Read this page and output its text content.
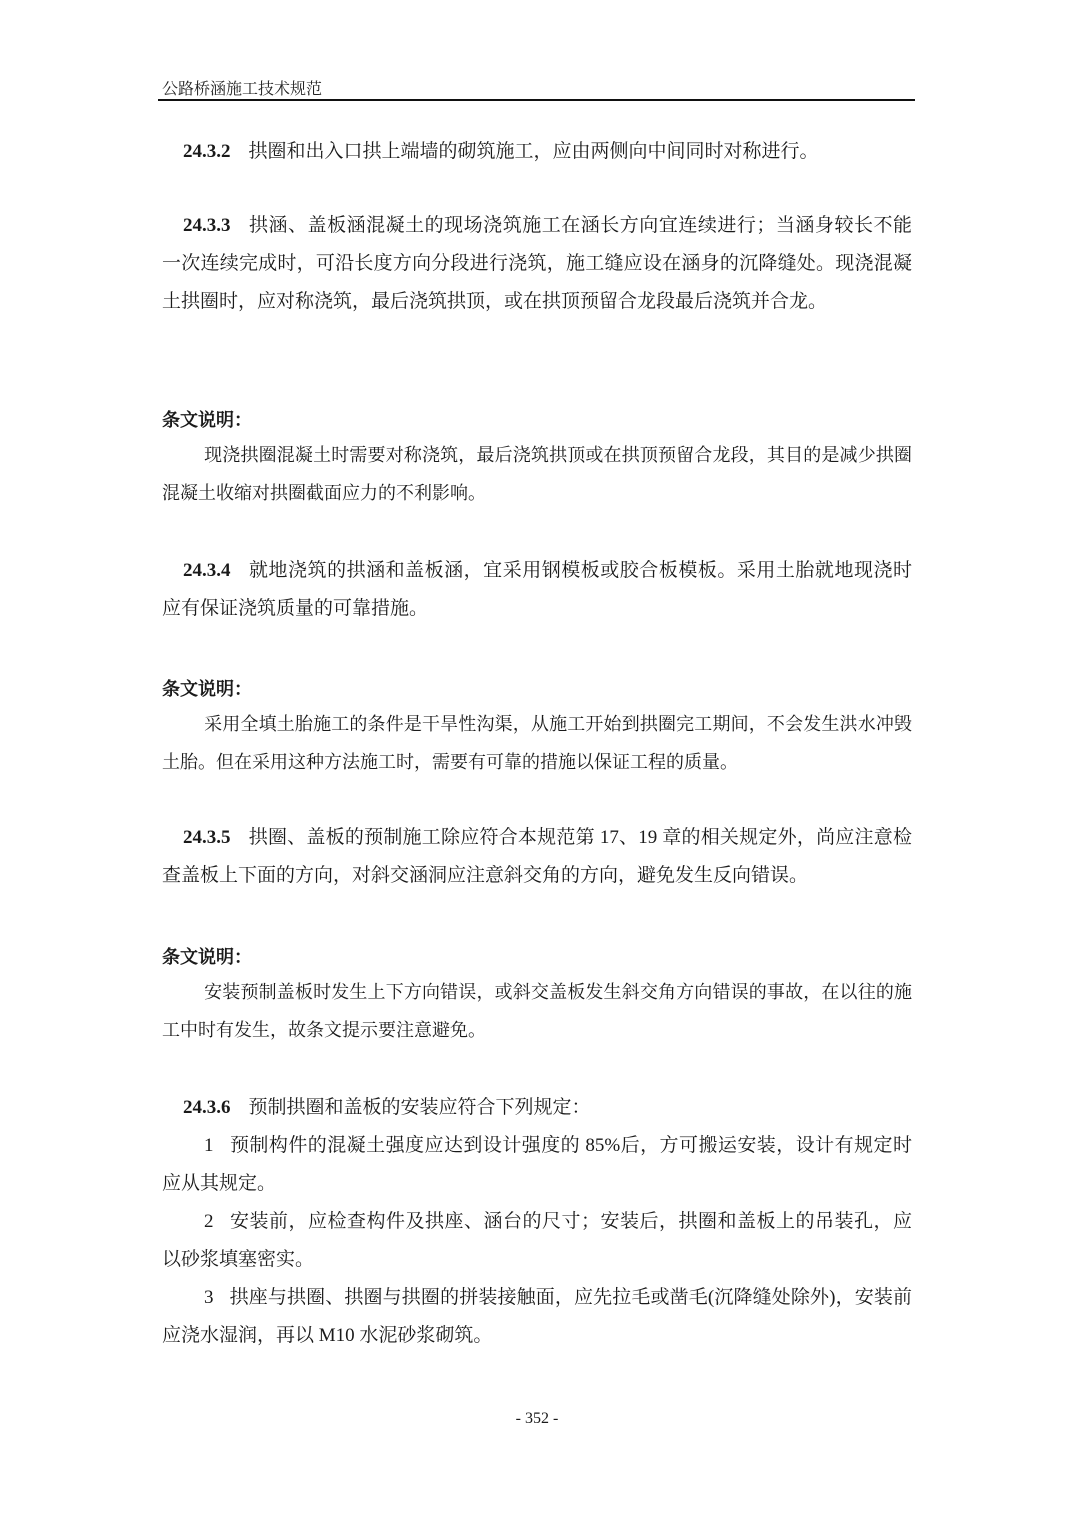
公路桥涵施工技术规范

24.3.2 拱圈和出入口拱上端墙的砌筑施工，应由两侧向中间同时对称进行。

24.3.3 拱涵、盖板涵混凝土的现场浇筑施工在涵长方向宜连续进行；当涵身较长不能一次连续完成时，可沿长度方向分段进行浇筑，施工缝应设在涵身的沉降缝处。现浇混凝土拱圈时，应对称浇筑，最后浇筑拱顶，或在拱顶预留合龙段最后浇筑并合龙。

条文说明：

现浇拱圈混凝土时需要对称浇筑，最后浇筑拱顶或在拱顶预留合龙段，其目的是减少拱圈混凝土收缩对拱圈截面应力的不利影响。

24.3.4 就地浇筑的拱涵和盖板涵，宜采用钢模板或胶合板模板。采用土胎就地现浇时应有保证浇筑质量的可靠措施。

条文说明：

采用全填土胎施工的条件是干旱性沟渠，从施工开始到拱圈完工期间，不会发生洪水冲毁土胎。但在采用这种方法施工时，需要有可靠的措施以保证工程的质量。

24.3.5 拱圈、盖板的预制施工除应符合本规范第 17、19 章的相关规定外，尚应注意检查盖板上下面的方向，对斜交涵洞应注意斜交角的方向，避免发生反向错误。

条文说明：

安装预制盖板时发生上下方向错误，或斜交盖板发生斜交角方向错误的事故，在以往的施工中时有发生，故条文提示要注意避免。

24.3.6 预制拱圈和盖板的安装应符合下列规定：

1 预制构件的混凝土强度应达到设计强度的 85%后，方可搬运安装，设计有规定时应从其规定。

2 安装前，应检查构件及拱座、涵台的尺寸；安装后，拱圈和盖板上的吊装孔，应以砂浆填塞密实。

3 拱座与拱圈、拱圈与拱圈的拼装接触面，应先拉毛或凿毛(沉降缝处除外)，安装前应浇水湿润，再以 M10 水泥砂浆砌筑。

- 352 -
